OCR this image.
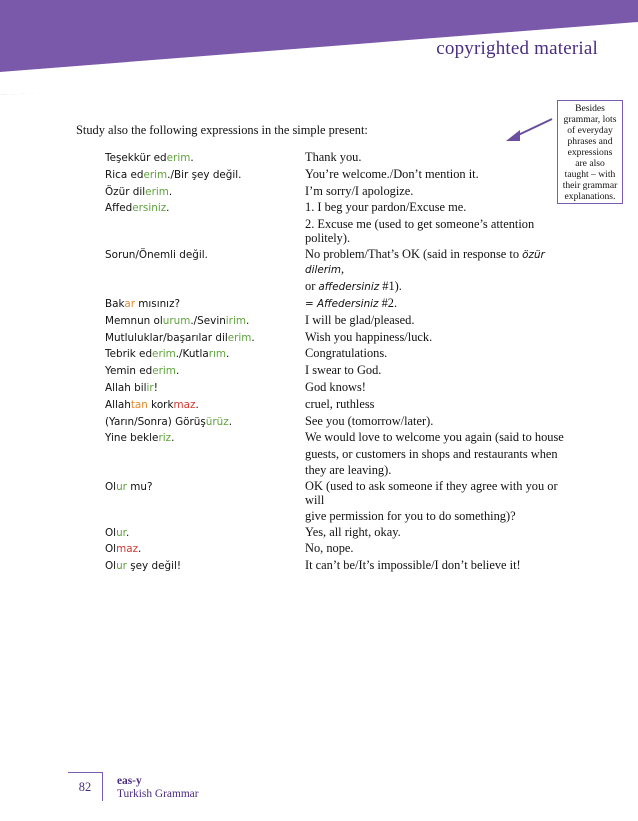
copyrighted material
Besides
grammar, lots
of everyday
phrases and
expressions
are also
taught – with
their grammar
explanations.
Study also the following expressions in the simple present:
Teşekkür ederim.	Thank you.
Rica ederim./Bir şey değil.	You’re welcome./Don’t mention it.
Özür dilerim.	I’m sorry/I apologize.
Affedersiniz.	1. I beg your pardon/Excuse me.
2. Excuse me (used to get someone’s attention politely).
Sorun/Önemli değil.	No problem/That’s OK (said in response to özür dilerim,
or affedersiniz #1).
Bakar mısınız?	= Affedersiniz #2.
Memnun olurum./Sevinirim.	I will be glad/pleased.
Mutluluklar/başarılar dilerim.	Wish you happiness/luck.
Tebrik ederim./Kutlarım.	Congratulations.
Yemin ederim.	I swear to God.
Allah bilir!	God knows!
Allahtan korkmaz.	cruel, ruthless
(Yarın/Sonra) Görüşürüz.	See you (tomorrow/later).
Yine bekleriz.	We would love to welcome you again (said to house
guests, or customers in shops and restaurants when
they are leaving).
Olur mu?	OK (used to ask someone if they agree with you or will
give permission for you to do something)?
Olur.	Yes, all right, okay.
Olmaz.	No, nope.
Olur şey değil!	It can’t be/It’s impossible/I don’t believe it!
82	eas-y
Turkish Grammar
